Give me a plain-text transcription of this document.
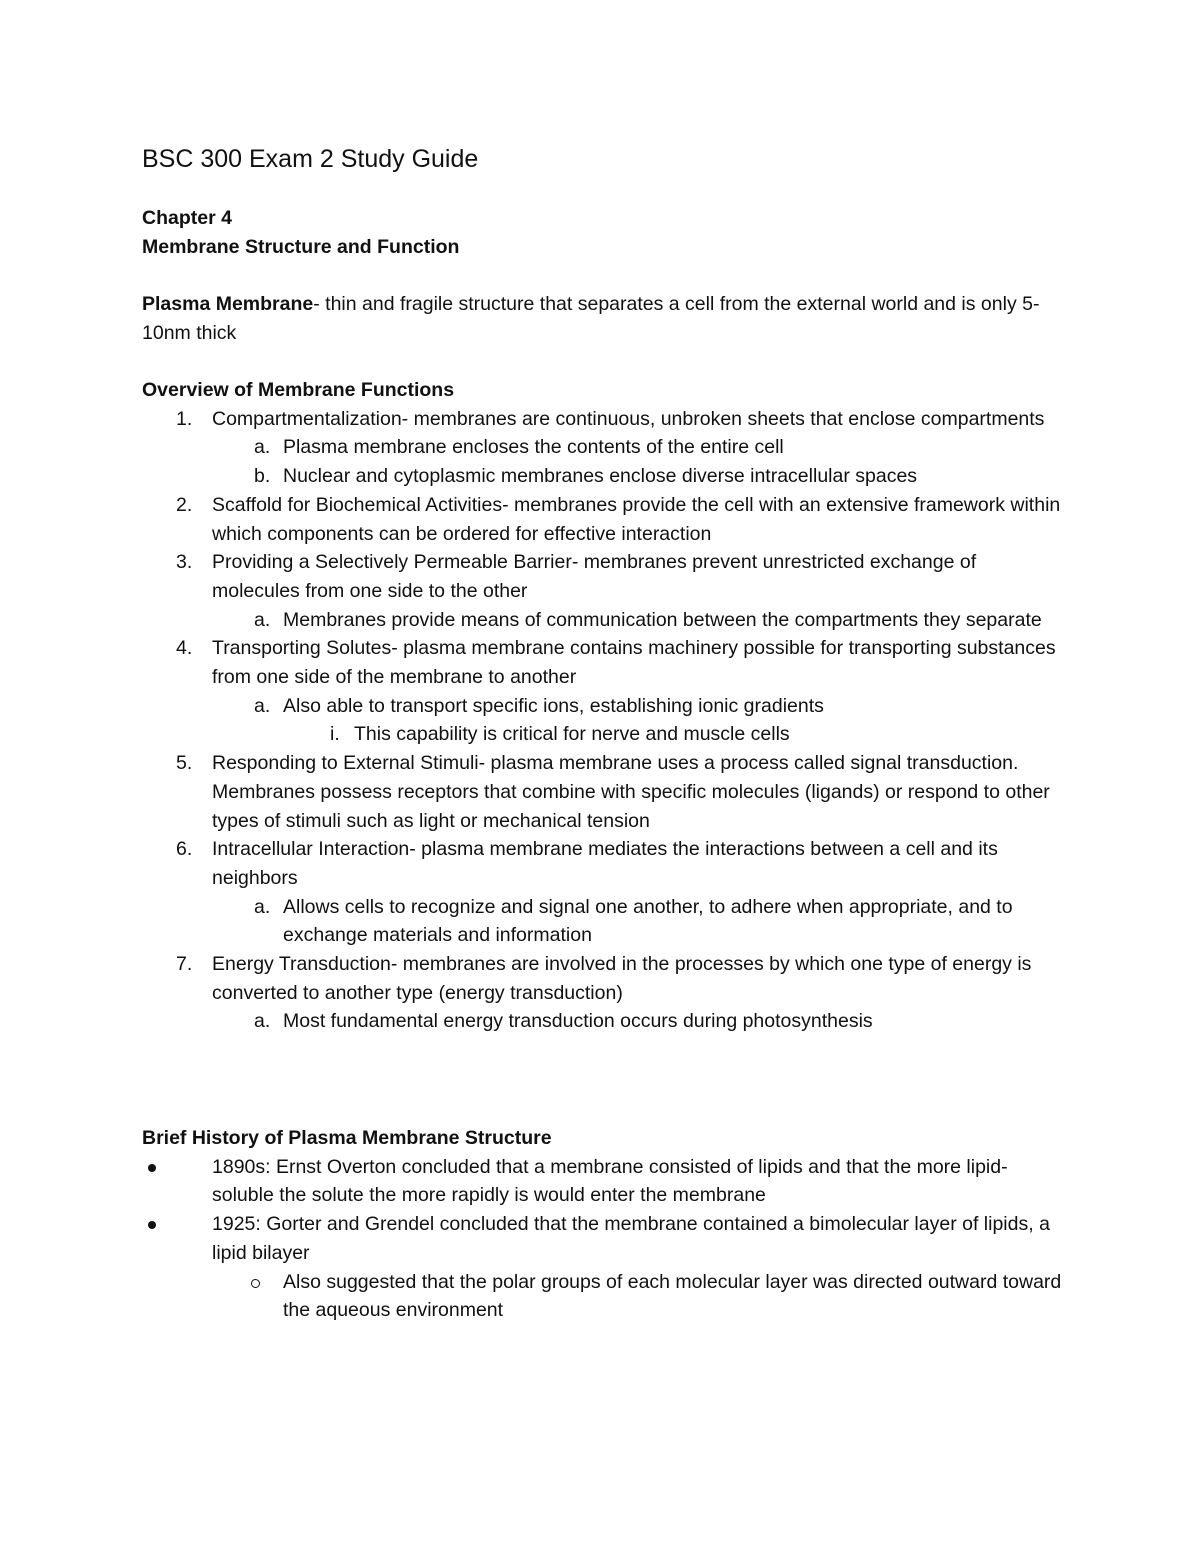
BSC 300 Exam 2 Study Guide
Chapter 4
Membrane Structure and Function
Plasma Membrane- thin and fragile structure that separates a cell from the external world and is only 5-10nm thick
Overview of Membrane Functions
1. Compartmentalization- membranes are continuous, unbroken sheets that enclose compartments
a. Plasma membrane encloses the contents of the entire cell
b. Nuclear and cytoplasmic membranes enclose diverse intracellular spaces
2. Scaffold for Biochemical Activities- membranes provide the cell with an extensive framework within which components can be ordered for effective interaction
3. Providing a Selectively Permeable Barrier- membranes prevent unrestricted exchange of molecules from one side to the other
a. Membranes provide means of communication between the compartments they separate
4. Transporting Solutes- plasma membrane contains machinery possible for transporting substances from one side of the membrane to another
a. Also able to transport specific ions, establishing ionic gradients
i. This capability is critical for nerve and muscle cells
5. Responding to External Stimuli- plasma membrane uses a process called signal transduction. Membranes possess receptors that combine with specific molecules (ligands) or respond to other types of stimuli such as light or mechanical tension
6. Intracellular Interaction- plasma membrane mediates the interactions between a cell and its neighbors
a. Allows cells to recognize and signal one another, to adhere when appropriate, and to exchange materials and information
7. Energy Transduction- membranes are involved in the processes by which one type of energy is converted to another type (energy transduction)
a. Most fundamental energy transduction occurs during photosynthesis
Brief History of Plasma Membrane Structure
1890s: Ernst Overton concluded that a membrane consisted of lipids and that the more lipid-soluble the solute the more rapidly is would enter the membrane
1925: Gorter and Grendel concluded that the membrane contained a bimolecular layer of lipids, a lipid bilayer
Also suggested that the polar groups of each molecular layer was directed outward toward the aqueous environment
